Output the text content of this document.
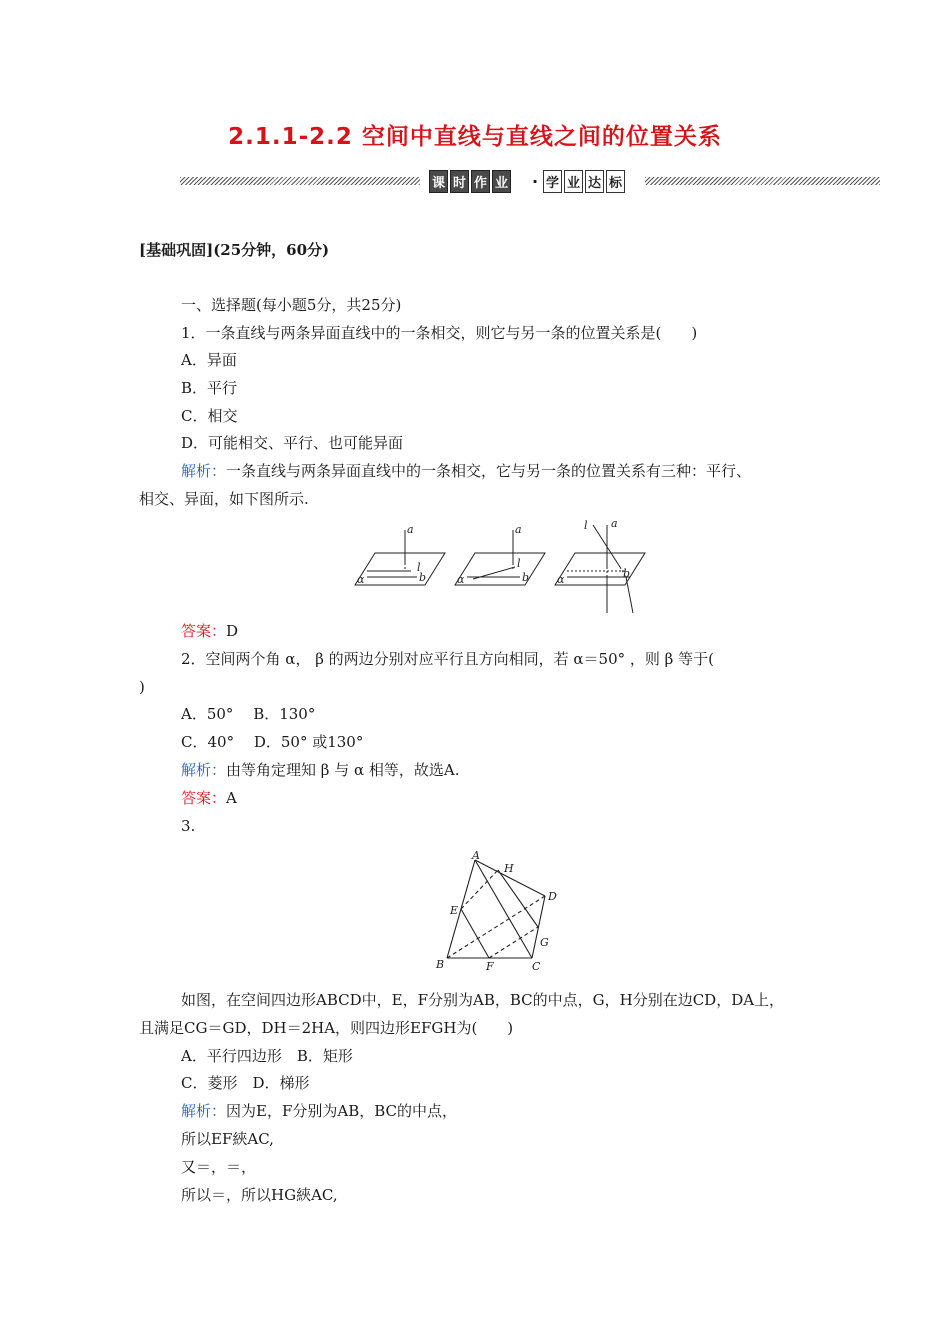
2.1.1-2.2 空间中直线与直线之间的位置关系
课 时 作 业 · 学 业 达 标
[基础巩固](25分钟，60分)
一、选择题(每小题5分，共25分)
1．一条直线与两条异面直线中的一条相交，则它与另一条的位置关系是(　　)
A．异面
B．平行
C．相交
D．可能相交、平行、也可能异面
解析：一条直线与两条异面直线中的一条相交，它与另一条的位置关系有三种：平行、
相交、异面，如下图所示.
a
l
b
α
a
l
b
α
a
l
b
α
答案：D
2．空间两个角 α， β 的两边分别对应平行且方向相同，若 α＝50° ，则 β 等于(
)
A．50°　 B．130°
C．40°　 D．50° 或130°
解析：由等角定理知 β 与 α 相等，故选A.
答案：A
3.
A
H
D
E
G
B	F	C
如图，在空间四边形ABCD中，E，F分别为AB，BC的中点，G，H分别在边CD，DA上，
且满足CG＝GD，DH＝2HA，则四边形EFGH为(　　)
A．平行四边形　B．矩形
C．菱形　D．梯形
解析：因为E，F分别为AB，BC的中点，
所以EF綊AC,
又＝，＝，
所以＝，所以HG綊AC,
